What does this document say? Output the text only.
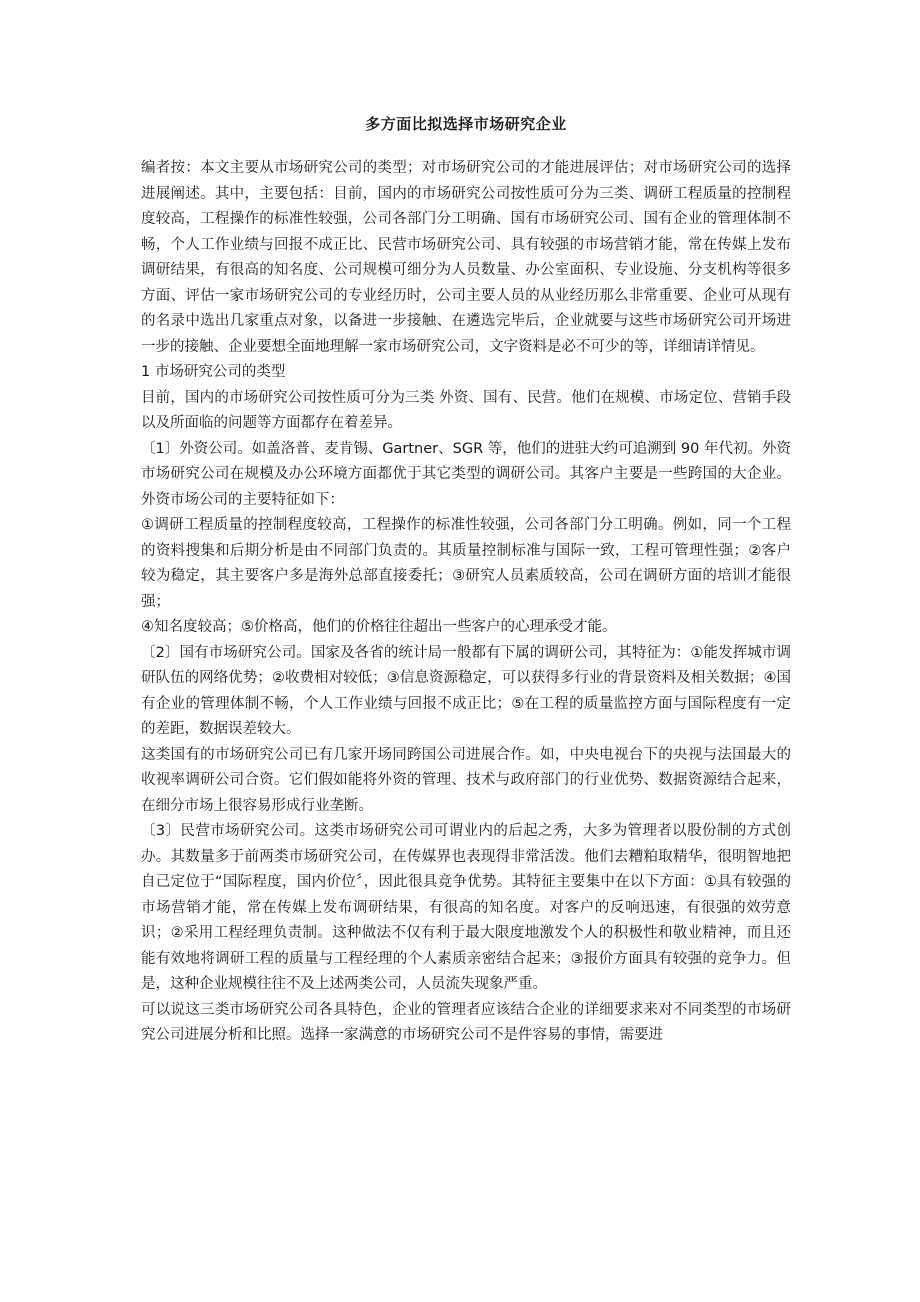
多方面比拟选择市场研究企业

编者按：本文主要从市场研究公司的类型；对市场研究公司的才能进展评估；对市场研究公司的选择进展阐述。其中，主要包括：目前，国内的市场研究公司按性质可分为三类、调研工程质量的控制程度较高，工程操作的标准性较强，公司各部门分工明确、国有市场研究公司、国有企业的管理体制不畅，个人工作业绩与回报不成正比、民营市场研究公司、具有较强的市场营销才能，常在传媒上发布调研结果，有很高的知名度、公司规模可细分为人员数量、办公室面积、专业设施、分支机构等很多方面、评估一家市场研究公司的专业经历时，公司主要人员的从业经历那么非常重要、企业可从现有的名录中选出几家重点对象，以备进一步接触、在遴选完毕后，企业就要与这些市场研究公司开场进一步的接触、企业要想全面地理解一家市场研究公司，文字资料是必不可少的等，详细请详情见。

1 市场研究公司的类型

目前，国内的市场研究公司按性质可分为三类 外资、国有、民营。他们在规模、市场定位、营销手段以及所面临的问题等方面都存在着差异。

〔1〕外资公司。如盖洛普、麦肯锡、Gartner、SGR 等，他们的进驻大约可追溯到 90 年代初。外资市场研究公司在规模及办公环境方面都优于其它类型的调研公司。其客户主要是一些跨国的大企业。外资市场公司的主要特征如下：

①调研工程质量的控制程度较高，工程操作的标准性较强，公司各部门分工明确。例如，同一个工程的资料搜集和后期分析是由不同部门负责的。其质量控制标准与国际一致，工程可管理性强；②客户较为稳定，其主要客户多是海外总部直接委托；③研究人员素质较高，公司在调研方面的培训才能很强；

④知名度较高；⑤价格高，他们的价格往往超出一些客户的心理承受才能。

〔2〕国有市场研究公司。国家及各省的统计局一般都有下属的调研公司，其特征为：①能发挥城市调研队伍的网络优势；②收费相对较低；③信息资源稳定，可以获得多行业的背景资料及相关数据；④国有企业的管理体制不畅，个人工作业绩与回报不成正比；⑤在工程的质量监控方面与国际程度有一定的差距，数据误差较大。

这类国有的市场研究公司已有几家开场同跨国公司进展合作。如，中央电视台下的央视与法国最大的收视率调研公司合资。它们假如能将外资的管理、技术与政府部门的行业优势、数据资源结合起来，在细分市场上很容易形成行业垄断。

〔3〕民营市场研究公司。这类市场研究公司可谓业内的后起之秀，大多为管理者以股份制的方式创办。其数量多于前两类市场研究公司，在传媒界也表现得非常活泼。他们去糟粕取精华，很明智地把自己定位于“国际程度，国内价位〞，因此很具竞争优势。其特征主要集中在以下方面：①具有较强的市场营销才能，常在传媒上发布调研结果，有很高的知名度。对客户的反响迅速，有很强的效劳意识；②采用工程经理负责制。这种做法不仅有利于最大限度地激发个人的积极性和敬业精神，而且还能有效地将调研工程的质量与工程经理的个人素质亲密结合起来；③报价方面具有较强的竞争力。但是，这种企业规模往往不及上述两类公司，人员流失现象严重。

可以说这三类市场研究公司各具特色，企业的管理者应该结合企业的详细要求来对不同类型的市场研究公司进展分析和比照。选择一家满意的市场研究公司不是件容易的事情，需要进
